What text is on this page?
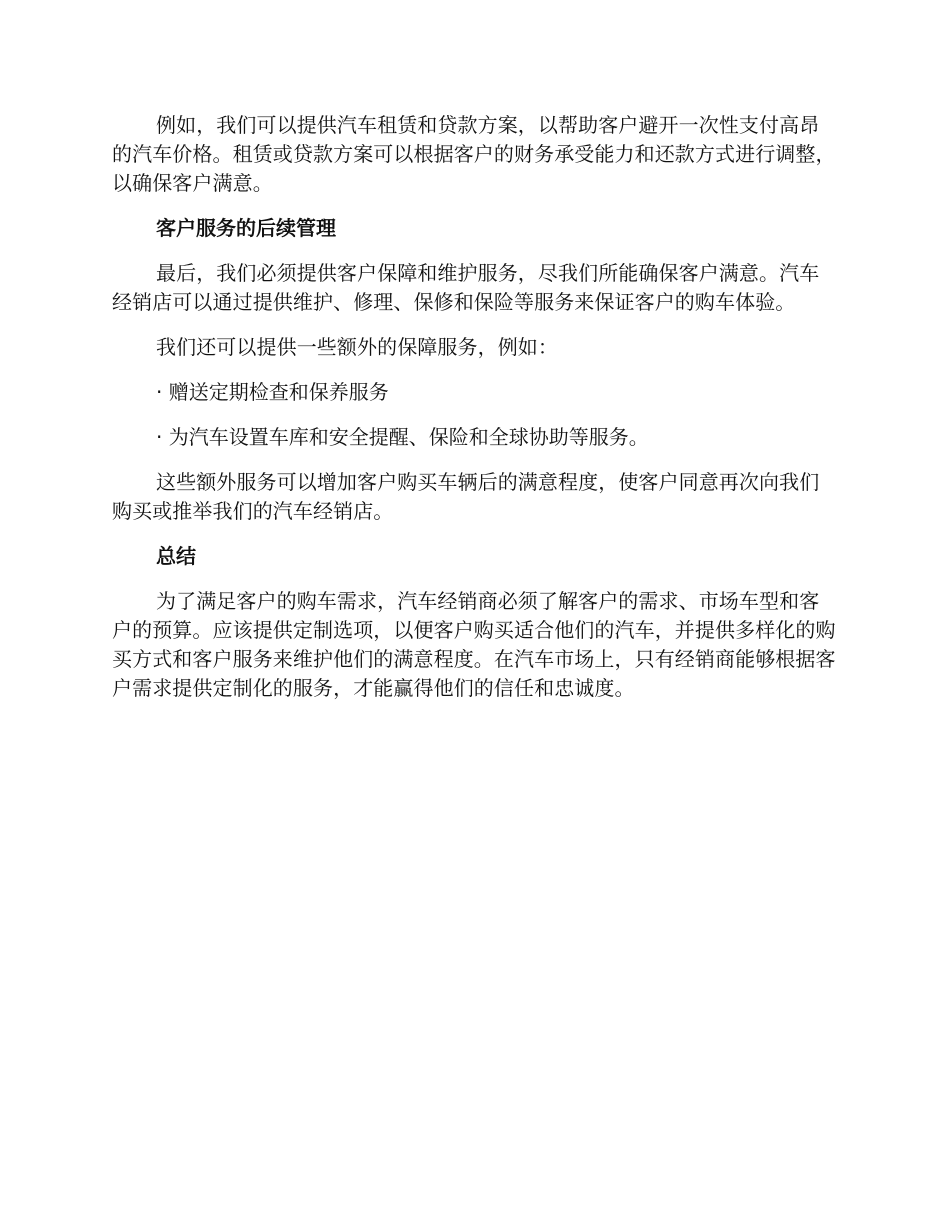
例如，我们可以提供汽车租赁和贷款方案，以帮助客户避开一次性支付高昂的汽车价格。租赁或贷款方案可以根据客户的财务承受能力和还款方式进行调整，以确保客户满意。

客户服务的后续管理

最后，我们必须提供客户保障和维护服务，尽我们所能确保客户满意。汽车经销店可以通过提供维护、修理、保修和保险等服务来保证客户的购车体验。

我们还可以提供一些额外的保障服务，例如：

· 赠送定期检查和保养服务

· 为汽车设置车库和安全提醒、保险和全球协助等服务。

这些额外服务可以增加客户购买车辆后的满意程度，使客户同意再次向我们购买或推举我们的汽车经销店。

总结

为了满足客户的购车需求，汽车经销商必须了解客户的需求、市场车型和客户的预算。应该提供定制选项，以便客户购买适合他们的汽车，并提供多样化的购买方式和客户服务来维护他们的满意程度。在汽车市场上，只有经销商能够根据客户需求提供定制化的服务，才能赢得他们的信任和忠诚度。
